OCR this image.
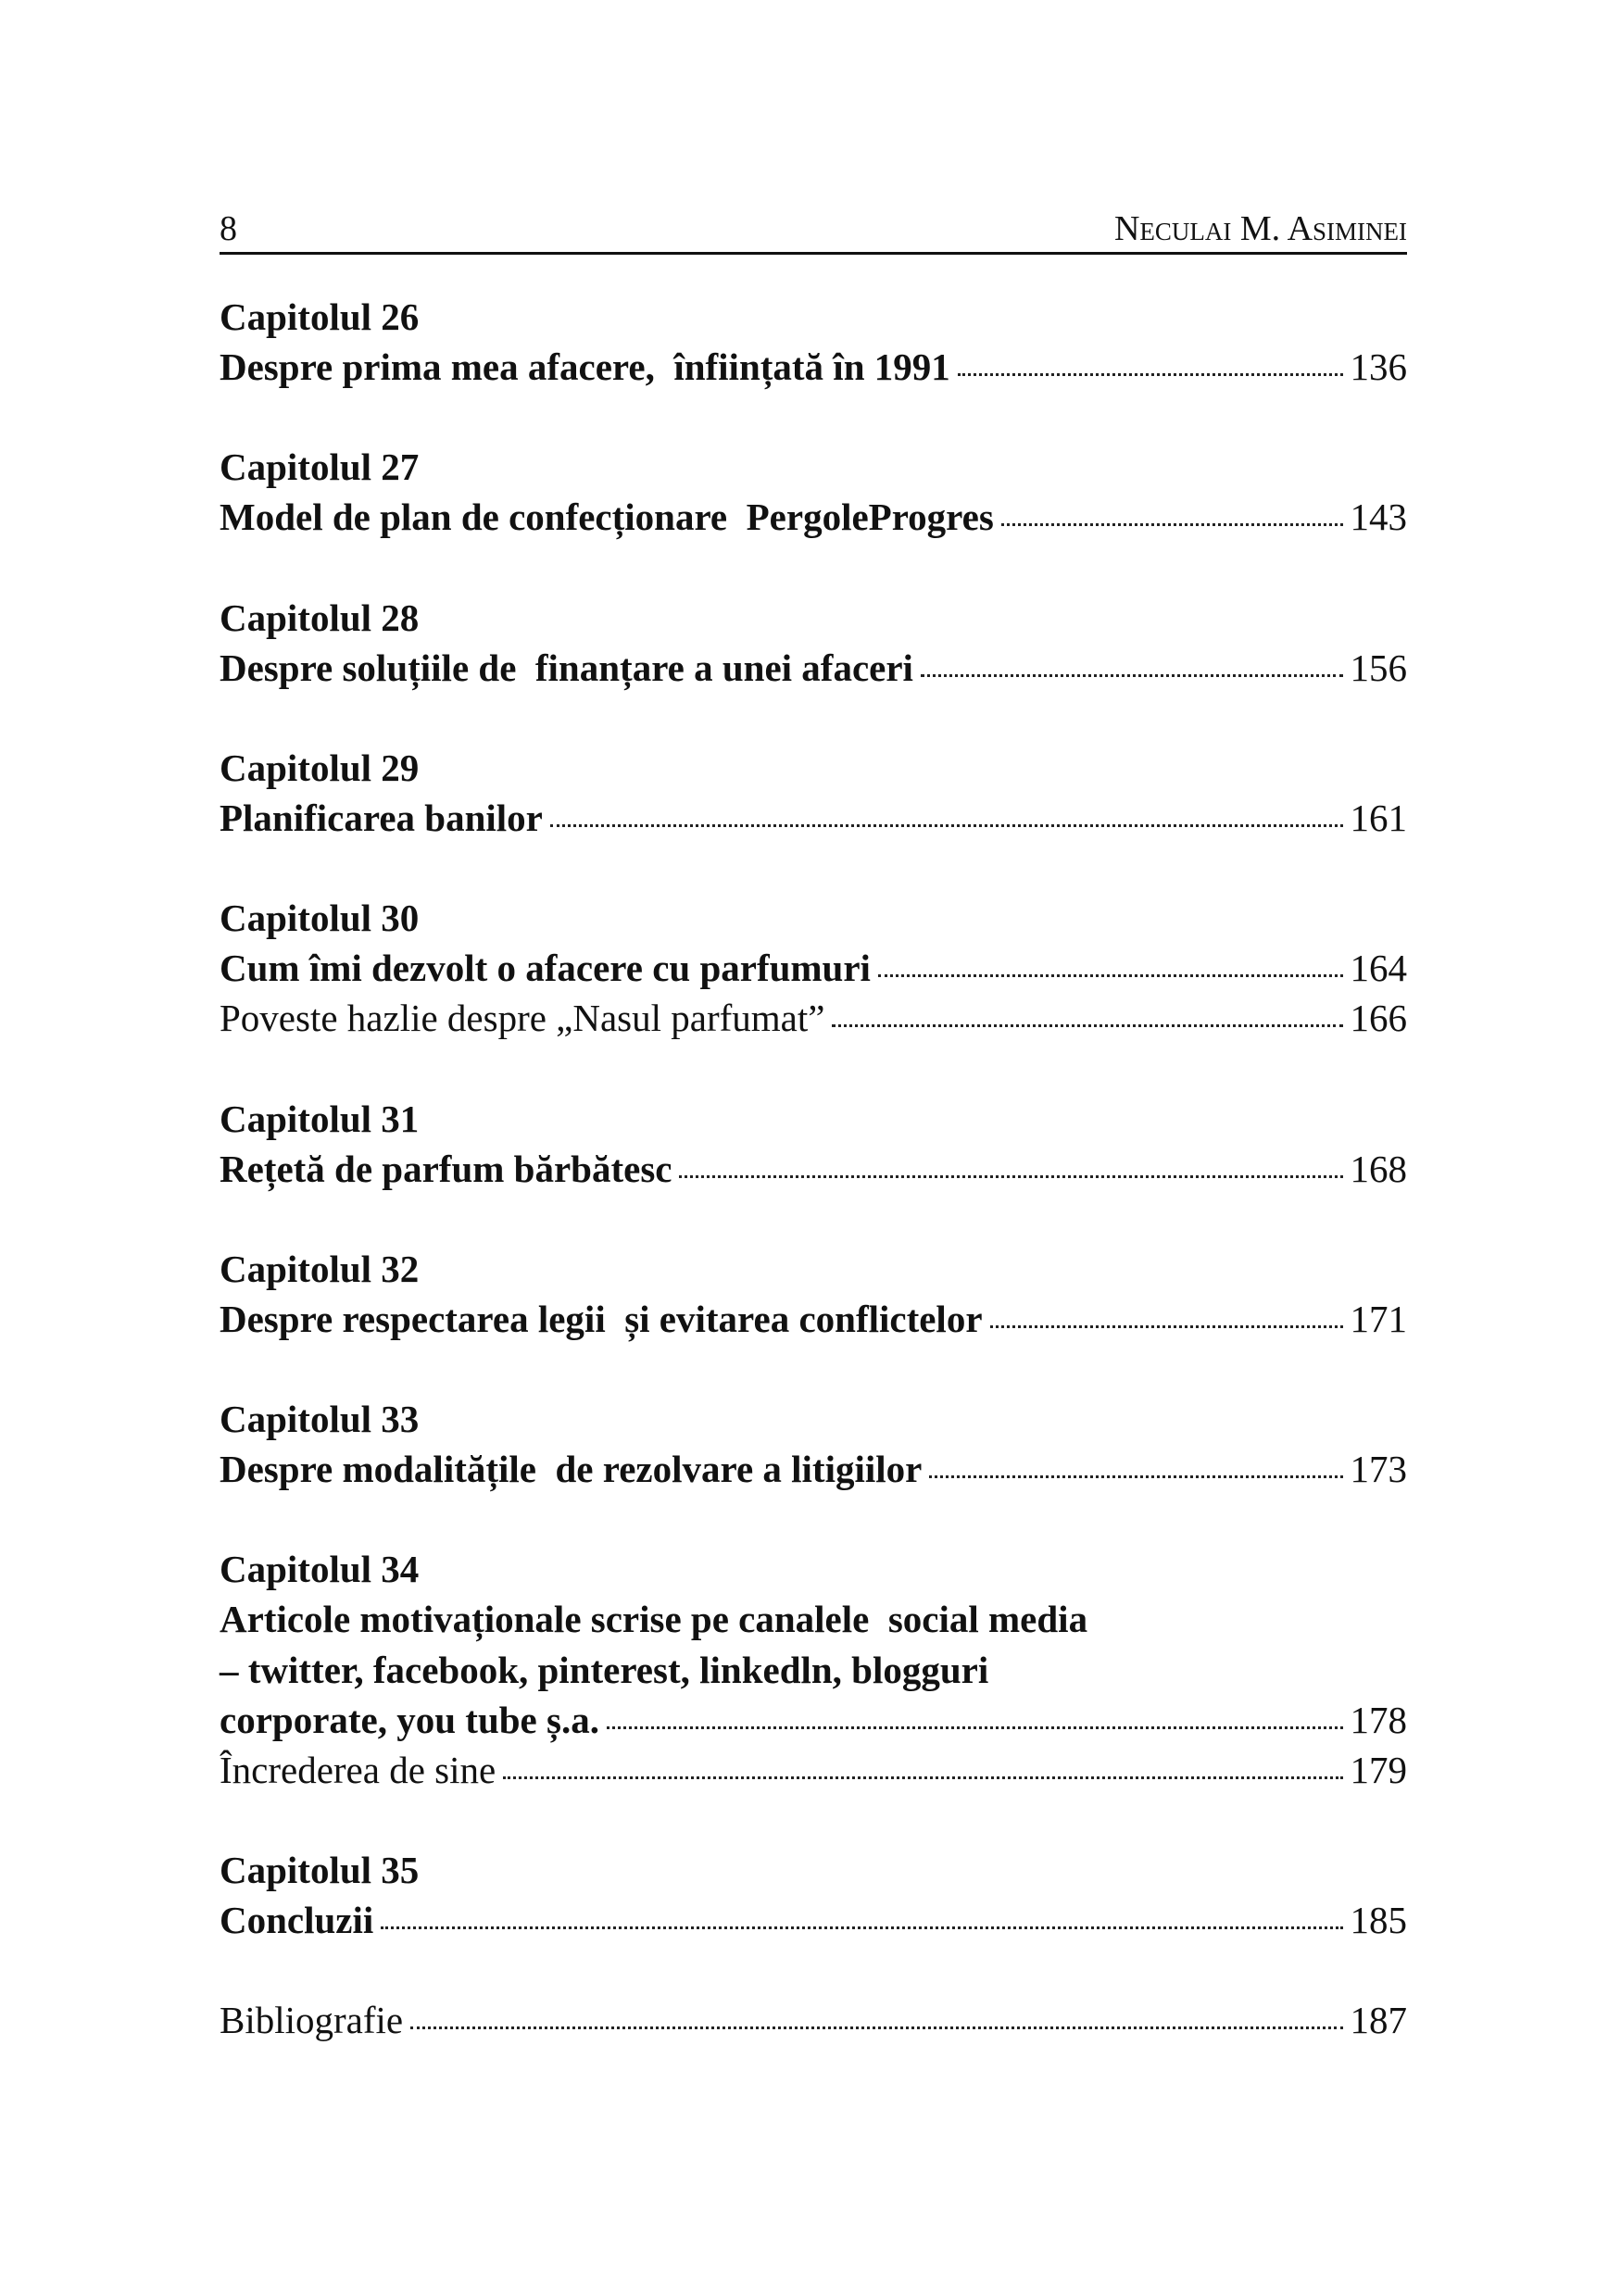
8	Neculai M. Asiminei
Capitolul 26
Despre prima mea afacere,  înființată în 1991	136
Capitolul 27
Model de plan de confecționare  PergoleProgres	143
Capitolul 28
Despre soluțiile de  finanțare a unei afaceri	156
Capitolul 29
Planificarea banilor	161
Capitolul 30
Cum îmi dezvolt o afacere cu parfumuri	164
Poveste hazlie despre „Nasul parfumat”	166
Capitolul 31
Rețetă de parfum bărbătesc	168
Capitolul 32
Despre respectarea legii  și evitarea conflictelor	171
Capitolul 33
Despre modalitățile  de rezolvare a litigiilor	173
Capitolul 34
Articole motivaționale scrise pe canalele  social media
– twitter, facebook, pinterest, linkedln, blogguri
corporate, you tube ș.a.	178
Încrederea de sine	179
Capitolul 35
Concluzii	185
Bibliografie	187
